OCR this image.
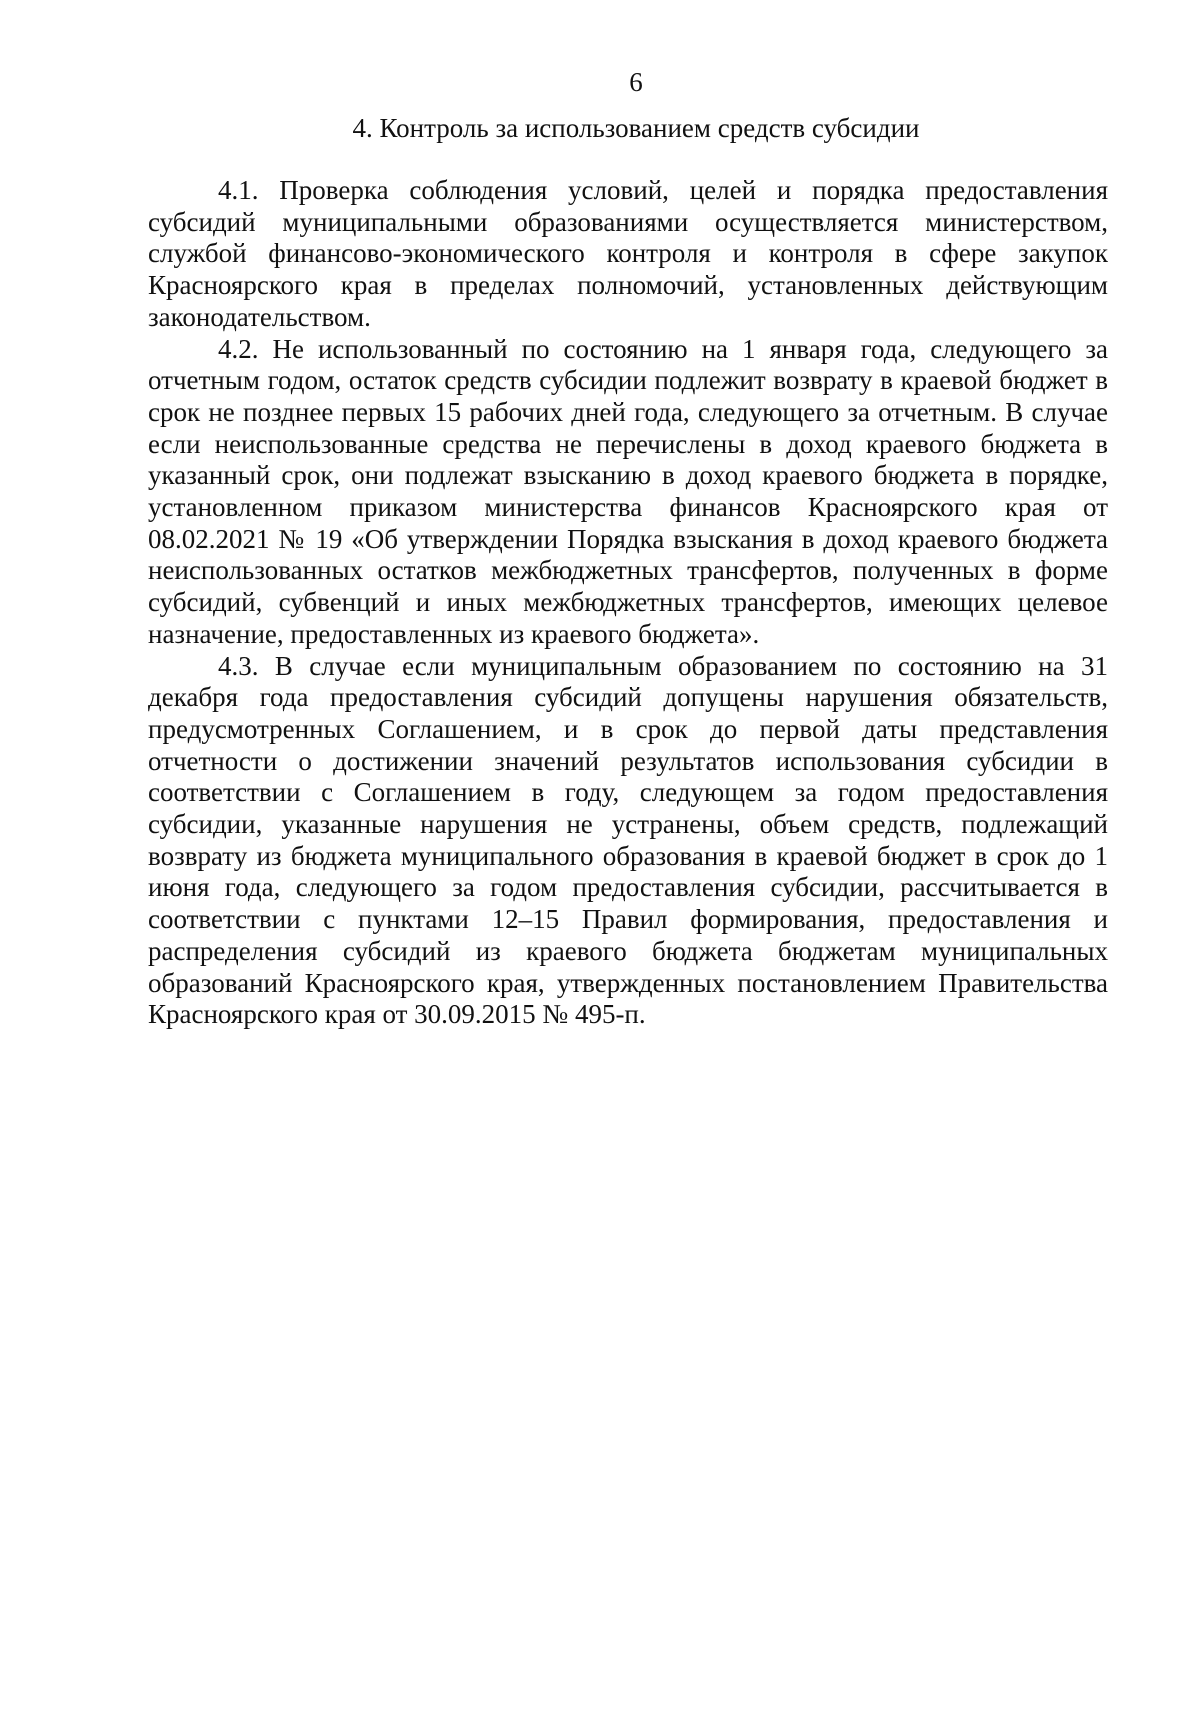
6
4. Контроль за использованием средств субсидии

4.1. Проверка соблюдения условий, целей и порядка предоставления субсидий муниципальными образованиями осуществляется министерством, службой финансово-экономического контроля и контроля в сфере закупок Красноярского края в пределах полномочий, установленных действующим законодательством.

4.2. Не использованный по состоянию на 1 января года, следующего за отчетным годом, остаток средств субсидии подлежит возврату в краевой бюджет в срок не позднее первых 15 рабочих дней года, следующего за отчетным. В случае если неиспользованные средства не перечислены в доход краевого бюджета в указанный срок, они подлежат взысканию в доход краевого бюджета в порядке, установленном приказом министерства финансов Красноярского края от 08.02.2021 № 19 «Об утверждении Порядка взыскания в доход краевого бюджета неиспользованных остатков межбюджетных трансфертов, полученных в форме субсидий, субвенций и иных межбюджетных трансфертов, имеющих целевое назначение, предоставленных из краевого бюджета».

4.3. В случае если муниципальным образованием по состоянию на 31 декабря года предоставления субсидий допущены нарушения обязательств, предусмотренных Соглашением, и в срок до первой даты представления отчетности о достижении значений результатов использования субсидии в соответствии с Соглашением в году, следующем за годом предоставления субсидии, указанные нарушения не устранены, объем средств, подлежащий возврату из бюджета муниципального образования в краевой бюджет в срок до 1 июня года, следующего за годом предоставления субсидии, рассчитывается в соответствии с пунктами 12–15 Правил формирования, предоставления и распределения субсидий из краевого бюджета бюджетам муниципальных образований Красноярского края, утвержденных постановлением Правительства Красноярского края от 30.09.2015 № 495-п.
